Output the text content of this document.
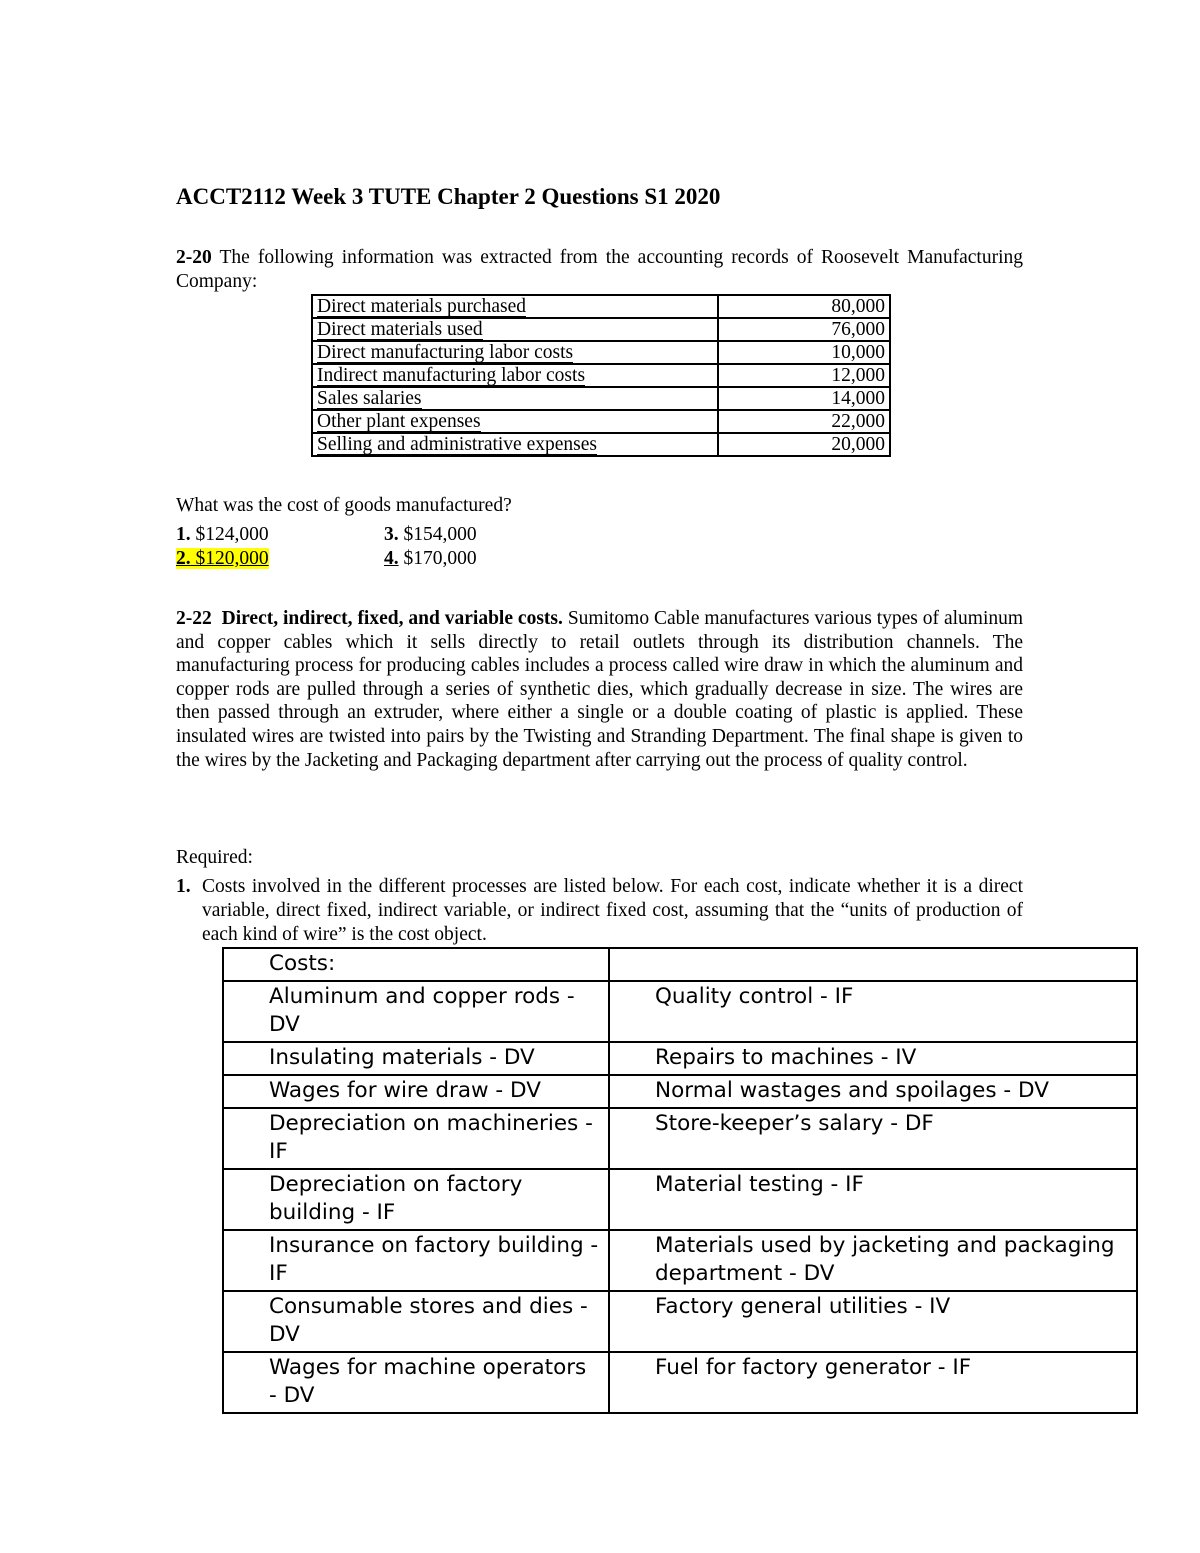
ACCT2112 Week 3 TUTE Chapter 2 Questions S1 2020

2-20 The following information was extracted from the accounting records of Roosevelt Manufacturing Company:

Direct materials purchased	80,000
Direct materials used	76,000
Direct manufacturing labor costs	10,000
Indirect manufacturing labor costs	12,000
Sales salaries	14,000
Other plant expenses	22,000
Selling and administrative expenses	20,000

What was the cost of goods manufactured?

1. $124,000	3. $154,000
2. $120,000	4. $170,000

2-22 Direct, indirect, fixed, and variable costs. Sumitomo Cable manufactures various types of aluminum and copper cables which it sells directly to retail outlets through its distribution channels. The manufacturing process for producing cables includes a process called wire draw in which the aluminum and copper rods are pulled through a series of synthetic dies, which gradually decrease in size. The wires are then passed through an extruder, where either a single or a double coating of plastic is applied. These insulated wires are twisted into pairs by the Twisting and Stranding Department. The final shape is given to the wires by the Jacketing and Packaging department after carrying out the process of quality control.

Required:

1. Costs involved in the different processes are listed below. For each cost, indicate whether it is a direct variable, direct fixed, indirect variable, or indirect fixed cost, assuming that the “units of production of each kind of wire” is the cost object.
Costs:	
Aluminum and copper rods - DV	Quality control - IF
Insulating materials - DV	Repairs to machines - IV
Wages for wire draw - DV	Normal wastages and spoilages - DV
Depreciation on machineries - IF	Store-keeper’s salary - DF
Depreciation on factory building - IF	Material testing - IF
Insurance on factory building - IF	Materials used by jacketing and packaging department - DV
Consumable stores and dies - DV	Factory general utilities - IV
Wages for machine operators - DV	Fuel for factory generator - IF
